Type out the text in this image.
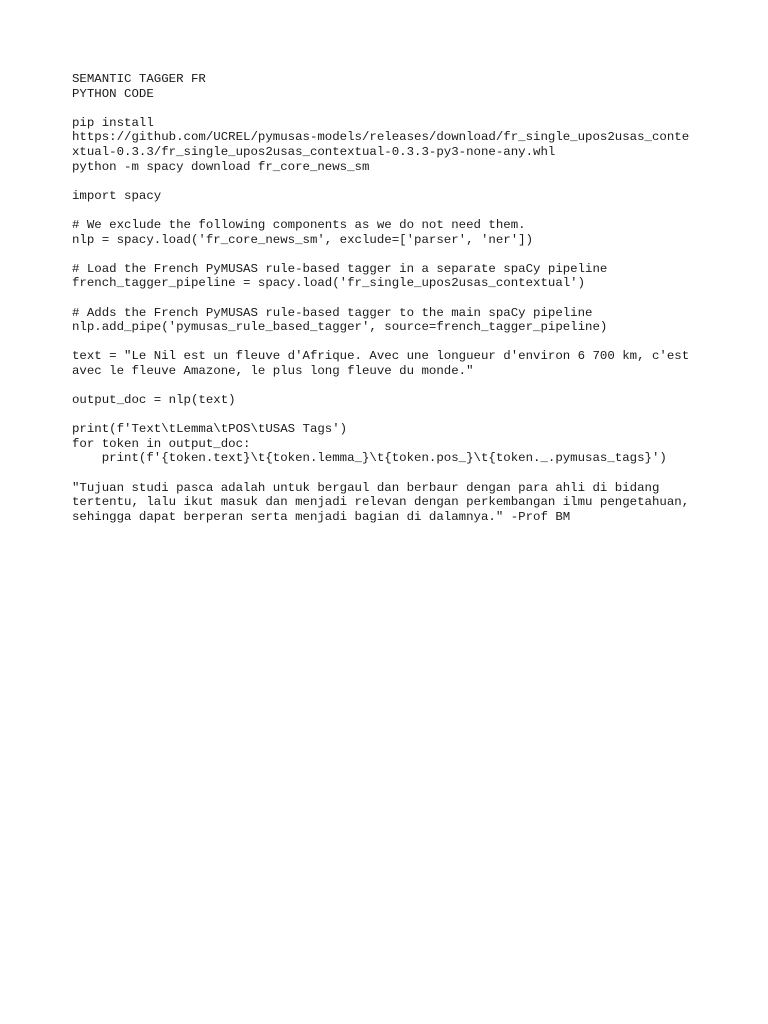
SEMANTIC TAGGER FR
PYTHON CODE
pip install
https://github.com/UCREL/pymusas-models/releases/download/fr_single_upos2usas_conte
xtual-0.3.3/fr_single_upos2usas_contextual-0.3.3-py3-none-any.whl
python -m spacy download fr_core_news_sm
import spacy
# We exclude the following components as we do not need them.
nlp = spacy.load('fr_core_news_sm', exclude=['parser', 'ner'])
# Load the French PyMUSAS rule-based tagger in a separate spaCy pipeline
french_tagger_pipeline = spacy.load('fr_single_upos2usas_contextual')
# Adds the French PyMUSAS rule-based tagger to the main spaCy pipeline
nlp.add_pipe('pymusas_rule_based_tagger', source=french_tagger_pipeline)
text = "Le Nil est un fleuve d'Afrique. Avec une longueur d'environ 6 700 km, c'est
avec le fleuve Amazone, le plus long fleuve du monde."
output_doc = nlp(text)
print(f'Text\tLemma\tPOS\tUSAS Tags')
for token in output_doc:
print(f'{token.text}\t{token.lemma_}\t{token.pos_}\t{token._.pymusas_tags}')
"Tujuan studi pasca adalah untuk bergaul dan berbaur dengan para ahli di bidang
tertentu, lalu ikut masuk dan menjadi relevan dengan perkembangan ilmu pengetahuan,
sehingga dapat berperan serta menjadi bagian di dalamnya." -Prof BM
